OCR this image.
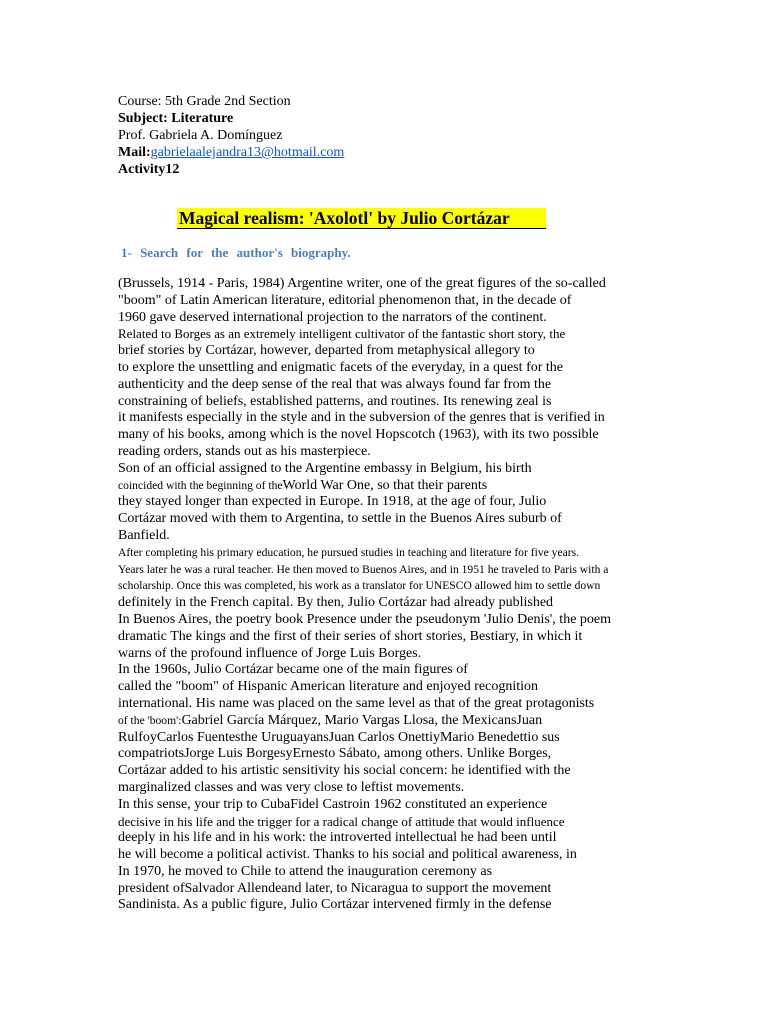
Course: 5th Grade 2nd Section
Subject: Literature
Prof. Gabriela A. Domínguez
Mail:gabrielaalejandra13@hotmail.com
Activity12
Magical realism: 'Axolotl' by Julio Cortázar
1- Search for the author's biography.
(Brussels, 1914 - Paris, 1984) Argentine writer, one of the great figures of the so-called
"boom" of Latin American literature, editorial phenomenon that, in the decade of
1960 gave deserved international projection to the narrators of the continent.
Related to Borges as an extremely intelligent cultivator of the fantastic short story, the
brief stories by Cortázar, however, departed from metaphysical allegory to
to explore the unsettling and enigmatic facets of the everyday, in a quest for the
authenticity and the deep sense of the real that was always found far from the
constraining of beliefs, established patterns, and routines. Its renewing zeal is
it manifests especially in the style and in the subversion of the genres that is verified in
many of his books, among which is the novel Hopscotch (1963), with its two possible
reading orders, stands out as his masterpiece.
Son of an official assigned to the Argentine embassy in Belgium, his birth
coincided with the beginning of theWorld War One, so that their parents
they stayed longer than expected in Europe. In 1918, at the age of four, Julio
Cortázar moved with them to Argentina, to settle in the Buenos Aires suburb of
Banfield.
After completing his primary education, he pursued studies in teaching and literature for five years.
Years later he was a rural teacher. He then moved to Buenos Aires, and in 1951 he traveled to Paris with a
scholarship. Once this was completed, his work as a translator for UNESCO allowed him to settle down
definitely in the French capital. By then, Julio Cortázar had already published
In Buenos Aires, the poetry book Presence under the pseudonym 'Julio Denis', the poem
dramatic The kings and the first of their series of short stories, Bestiary, in which it
warns of the profound influence of Jorge Luis Borges.
In the 1960s, Julio Cortázar became one of the main figures of
called the "boom" of Hispanic American literature and enjoyed recognition
international. His name was placed on the same level as that of the great protagonists
of the 'boom':Gabriel García Márquez, Mario Vargas Llosa, the MexicansJuan
RulfoyCarlos Fuentesthe UruguayansJuan Carlos OnettiyMario Benedettio sus
compatriotsJorge Luis BorgesyErnesto Sábato, among others. Unlike Borges,
Cortázar added to his artistic sensitivity his social concern: he identified with the
marginalized classes and was very close to leftist movements.
In this sense, your trip to CubaFidel Castroin 1962 constituted an experience
decisive in his life and the trigger for a radical change of attitude that would influence
deeply in his life and in his work: the introverted intellectual he had been until
he will become a political activist. Thanks to his social and political awareness, in
In 1970, he moved to Chile to attend the inauguration ceremony as
president ofSalvador Allendeand later, to Nicaragua to support the movement
Sandinista. As a public figure, Julio Cortázar intervened firmly in the defense
